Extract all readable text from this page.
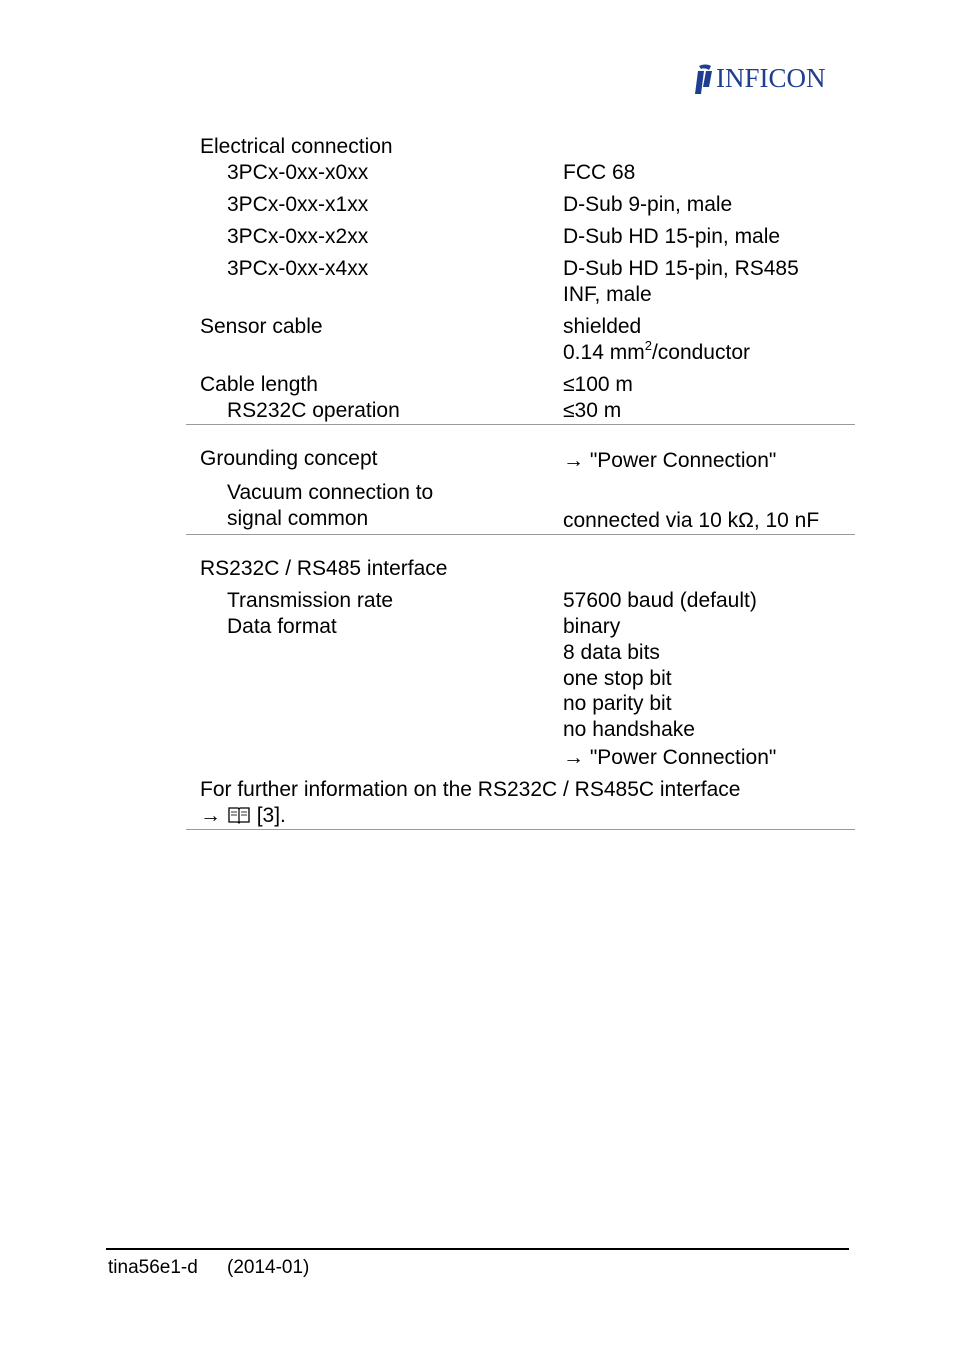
INFICON
Electrical connection
3PCx-0xx-x0xx	FCC 68
3PCx-0xx-x1xx	D-Sub 9-pin, male
3PCx-0xx-x2xx	D-Sub HD 15-pin, male
3PCx-0xx-x4xx	D-Sub HD 15-pin, RS485
INF, male
Sensor cable	shielded
0.14 $mm^2$/conductor
Cable length	≤100 m
RS232C operation	≤30 m
Grounding concept	→ "Power Connection"
Vacuum connection to
signal common	connected via 10 kΩ, 10 nF
RS232C / RS485 interface
Transmission rate	57600 baud (default)
Data format	binary
8 data bits
one stop bit
no parity bit
no handshake
→ "Power Connection"
For further information on the RS232C / RS485C interface
→ [3].
tina56e1-d (2014-01)
